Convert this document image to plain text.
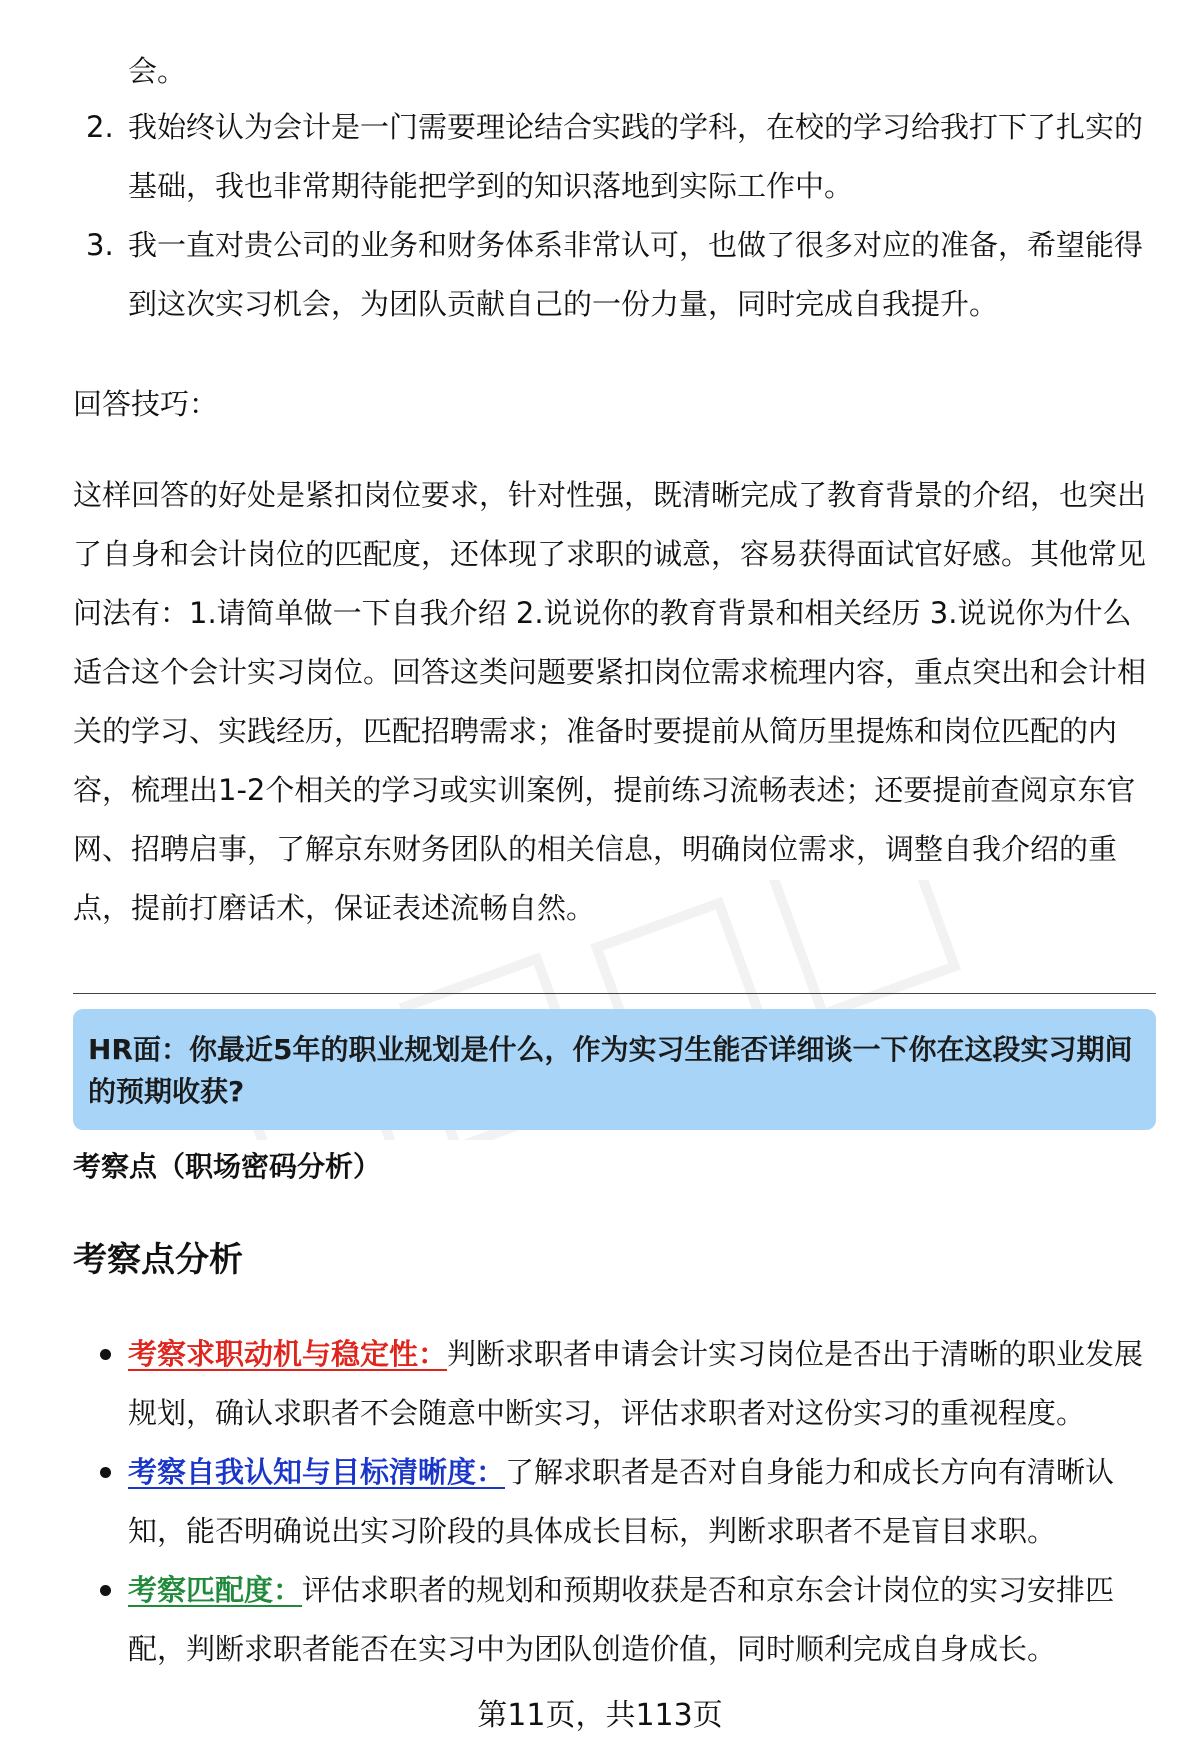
会。
2. 我始终认为会计是一门需要理论结合实践的学科，在校的学习给我打下了扎实的基础，我也非常期待能把学到的知识落地到实际工作中。
3. 我一直对贵公司的业务和财务体系非常认可，也做了很多对应的准备，希望能得到这次实习机会，为团队贡献自己的一份力量，同时完成自我提升。
回答技巧：
这样回答的好处是紧扣岗位要求，针对性强，既清晰完成了教育背景的介绍，也突出了自身和会计岗位的匹配度，还体现了求职的诚意，容易获得面试官好感。其他常见问法有：1.请简单做一下自我介绍 2.说说你的教育背景和相关经历 3.说说你为什么适合这个会计实习岗位。回答这类问题要紧扣岗位需求梳理内容，重点突出和会计相关的学习、实践经历，匹配招聘需求；准备时要提前从简历里提炼和岗位匹配的内容，梳理出1-2个相关的学习或实训案例，提前练习流畅表述；还要提前查阅京东官网、招聘启事，了解京东财务团队的相关信息，明确岗位需求，调整自我介绍的重点，提前打磨话术，保证表述流畅自然。
HR面：你最近5年的职业规划是什么，作为实习生能否详细谈一下你在这段实习期间的预期收获?
考察点（职场密码分析）
考察点分析
考察求职动机与稳定性：判断求职者申请会计实习岗位是否出于清晰的职业发展规划，确认求职者不会随意中断实习，评估求职者对这份实习的重视程度。
考察自我认知与目标清晰度：了解求职者是否对自身能力和成长方向有清晰认知，能否明确说出实习阶段的具体成长目标，判断求职者不是盲目求职。
考察匹配度：评估求职者的规划和预期收获是否和京东会计岗位的实习安排匹配，判断求职者能否在实习中为团队创造价值，同时顺利完成自身成长。
第11页，共113页
